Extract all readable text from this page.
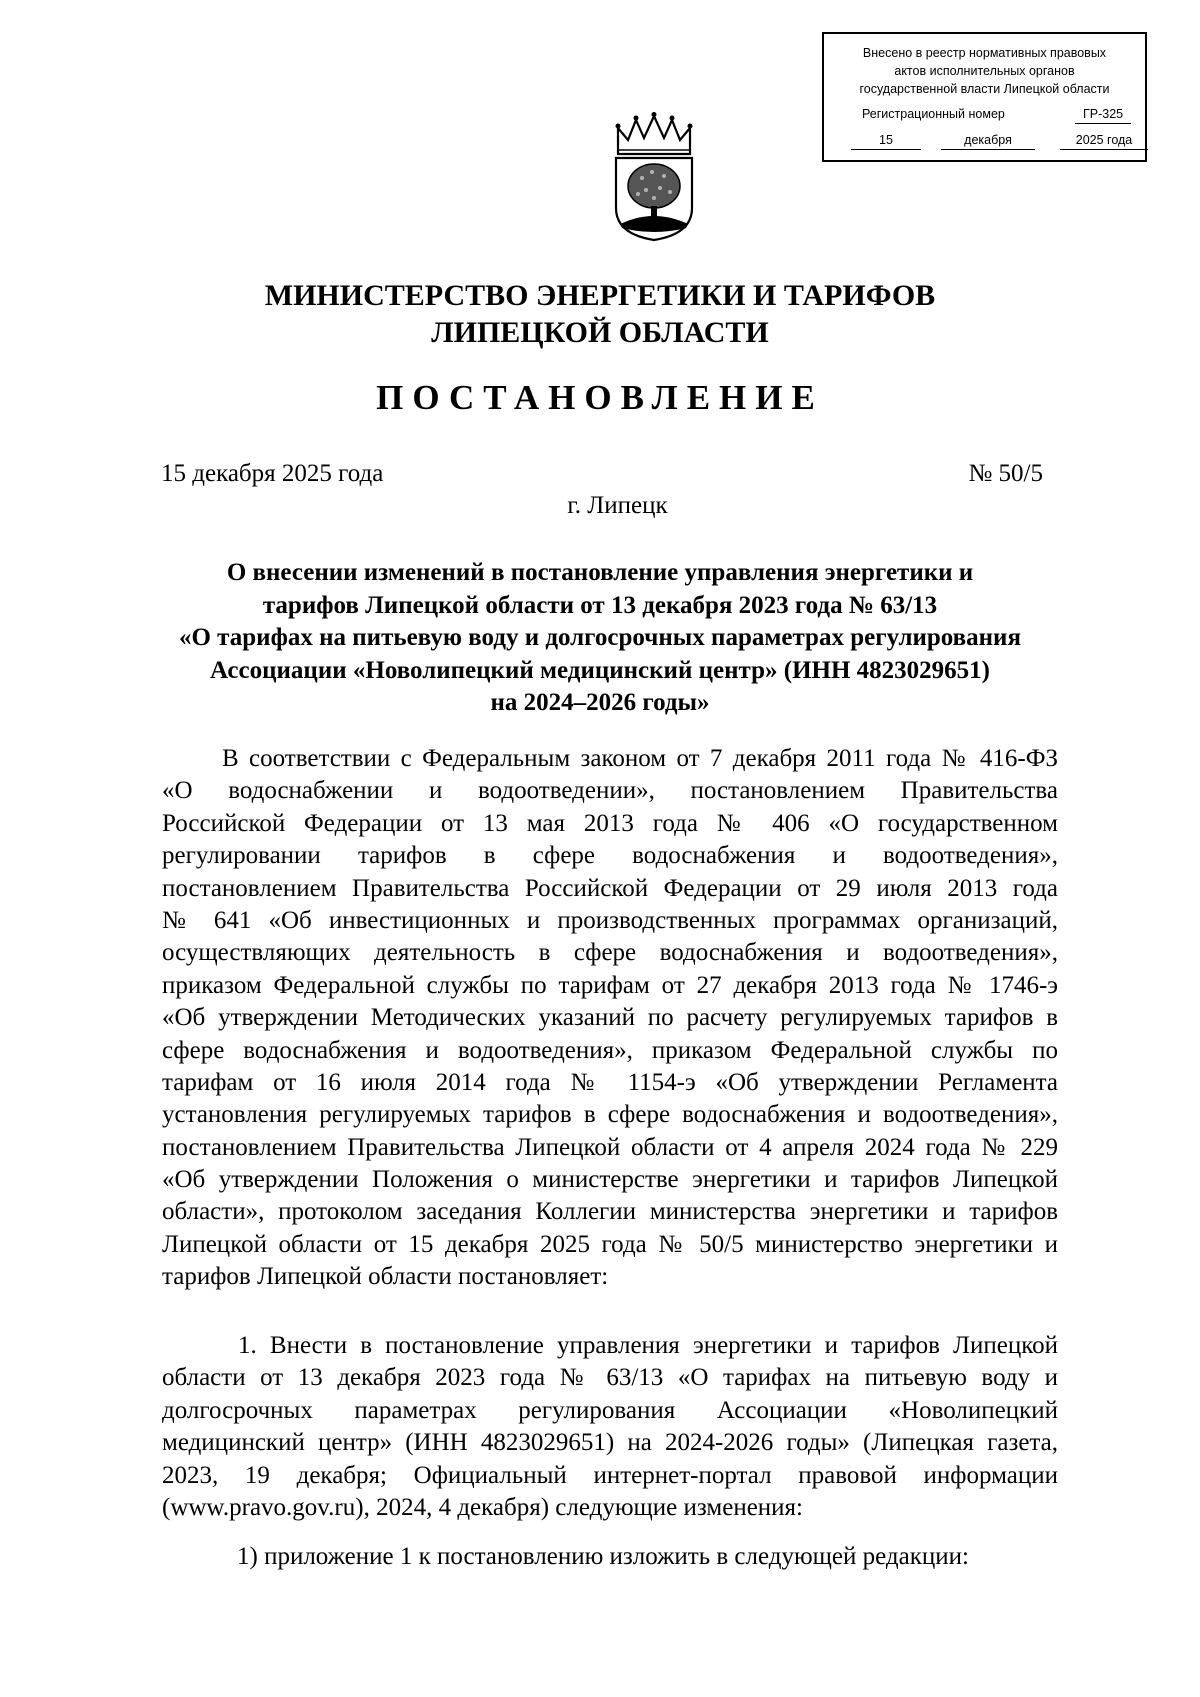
Внесено в реестр нормативных правовых
актов исполнительных органов
государственной власти Липецкой области
Регистрационный номер	ГР-325
15	декабря	2025 года
МИНИСТЕРСТВО ЭНЕРГЕТИКИ И ТАРИФОВ
ЛИПЕЦКОЙ ОБЛАСТИ
ПОСТАНОВЛЕНИЕ
15 декабря 2025 года	№ 50/5
г. Липецк
О внесении изменений в постановление управления энергетики и
тарифов Липецкой области от 13 декабря 2023 года № 63/13
«О тарифах на питьевую воду и долгосрочных параметрах регулирования
Ассоциации «Новолипецкий медицинский центр» (ИНН 4823029651)
на 2024–2026 годы»
В соответствии с Федеральным законом от 7 декабря 2011 года № 416-ФЗ
«О водоснабжении и водоотведении», постановлением Правительства
Российской Федерации от 13 мая 2013 года № 406 «О государственном
регулировании тарифов в сфере водоснабжения и водоотведения»,
постановлением Правительства Российской Федерации от 29 июля 2013 года
№ 641 «Об инвестиционных и производственных программах организаций,
осуществляющих деятельность в сфере водоснабжения и водоотведения»,
приказом Федеральной службы по тарифам от 27 декабря 2013 года № 1746-э
«Об утверждении Методических указаний по расчету регулируемых тарифов в
сфере водоснабжения и водоотведения», приказом Федеральной службы по
тарифам от 16 июля 2014 года № 1154-э «Об утверждении Регламента
установления регулируемых тарифов в сфере водоснабжения и водоотведения»,
постановлением Правительства Липецкой области от 4 апреля 2024 года № 229
«Об утверждении Положения о министерстве энергетики и тарифов Липецкой
области», протоколом заседания Коллегии министерства энергетики и тарифов
Липецкой области от 15 декабря 2025 года № 50/5 министерство энергетики и
тарифов Липецкой области постановляет:
1. Внести в постановление управления энергетики и тарифов Липецкой
области от 13 декабря 2023 года № 63/13 «О тарифах на питьевую воду и
долгосрочных параметрах регулирования Ассоциации «Новолипецкий
медицинский центр» (ИНН 4823029651) на 2024-2026 годы» (Липецкая газета,
2023, 19 декабря; Официальный интернет-портал правовой информации
(www.pravo.gov.ru), 2024, 4 декабря) следующие изменения:
1) приложение 1 к постановлению изложить в следующей редакции:
